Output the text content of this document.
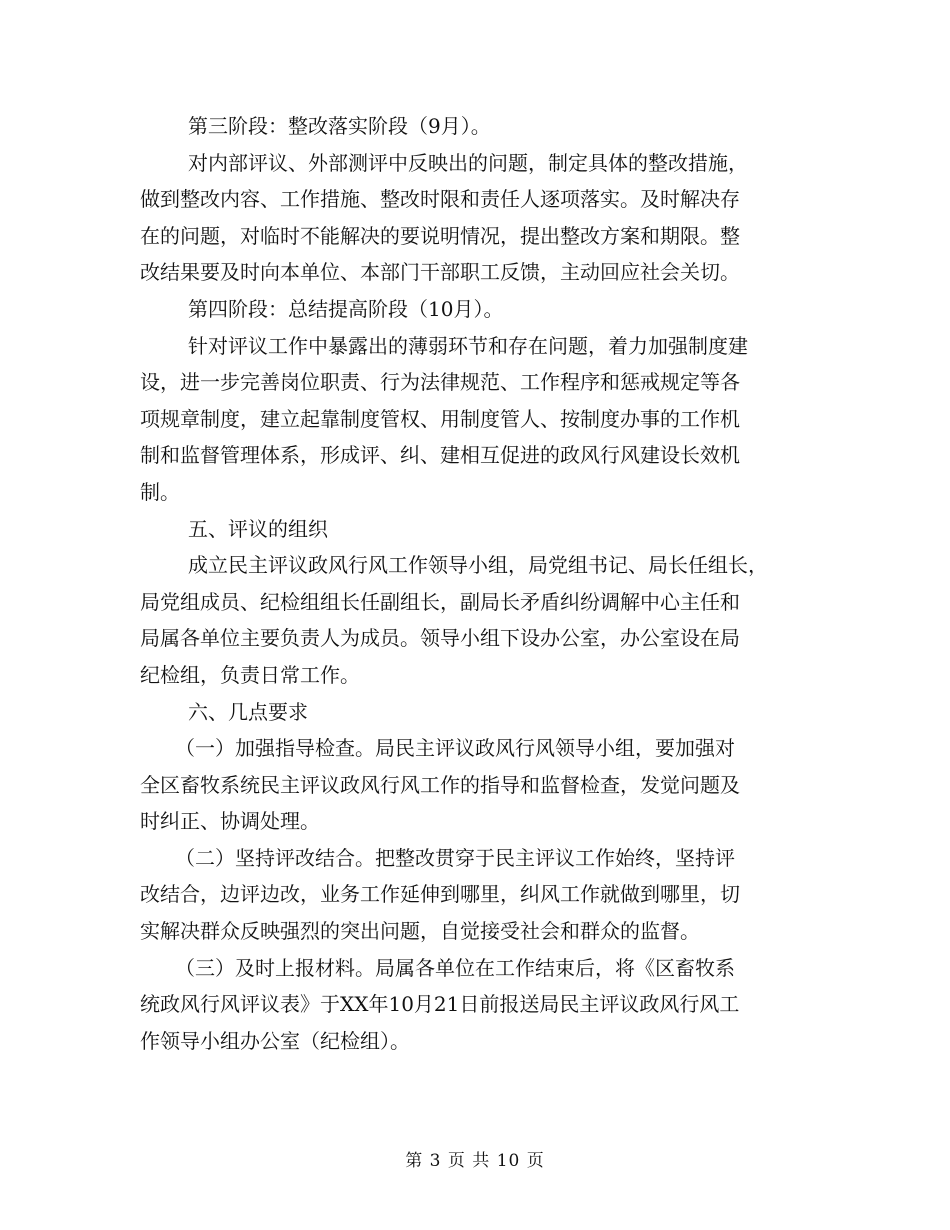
第三阶段：整改落实阶段（9月）。

对内部评议、外部测评中反映出的问题，制定具体的整改措施，
做到整改内容、工作措施、整改时限和责任人逐项落实。及时解决存
在的问题，对临时不能解决的要说明情况，提出整改方案和期限。整
改结果要及时向本单位、本部门干部职工反馈，主动回应社会关切。

第四阶段：总结提高阶段（10月）。

针对评议工作中暴露出的薄弱环节和存在问题，着力加强制度建
设，进一步完善岗位职责、行为法律规范、工作程序和惩戒规定等各
项规章制度，建立起靠制度管权、用制度管人、按制度办事的工作机
制和监督管理体系，形成评、纠、建相互促进的政风行风建设长效机
制。

五、评议的组织

成立民主评议政风行风工作领导小组，局党组书记、局长任组长，
局党组成员、纪检组组长任副组长，副局长矛盾纠纷调解中心主任和
局属各单位主要负责人为成员。领导小组下设办公室，办公室设在局
纪检组，负责日常工作。

六、几点要求

（一）加强指导检查。局民主评议政风行风领导小组，要加强对
全区畜牧系统民主评议政风行风工作的指导和监督检查，发觉问题及
时纠正、协调处理。

（二）坚持评改结合。把整改贯穿于民主评议工作始终，坚持评
改结合，边评边改，业务工作延伸到哪里，纠风工作就做到哪里，切
实解决群众反映强烈的突出问题，自觉接受社会和群众的监督。

（三）及时上报材料。局属各单位在工作结束后，将《区畜牧系
统政风行风评议表》于XX年10月21日前报送局民主评议政风行风工
作领导小组办公室（纪检组）。

第 3 页 共 10 页
